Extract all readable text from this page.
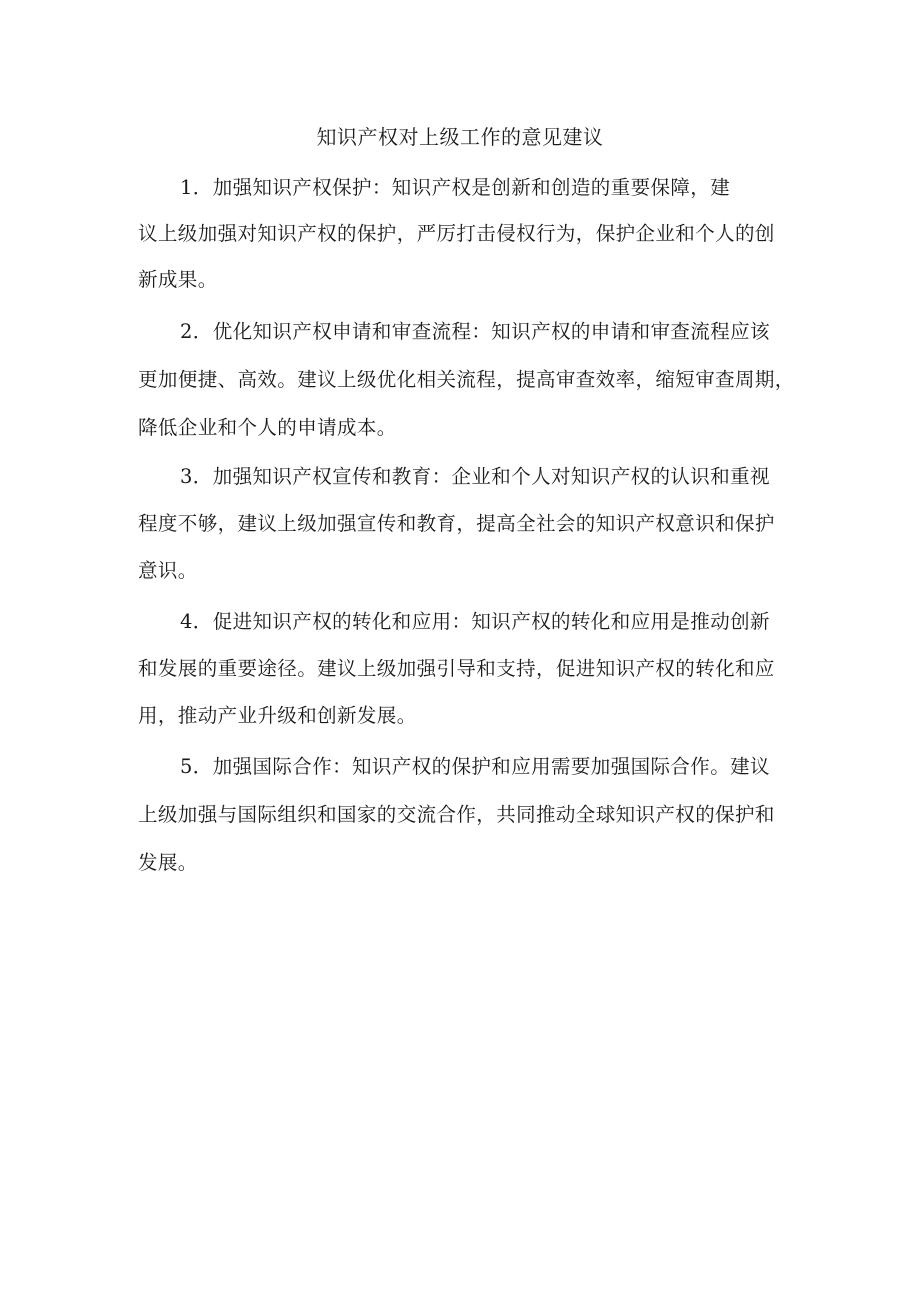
知识产权对上级工作的意见建议
1．加强知识产权保护：知识产权是创新和创造的重要保障，建
议上级加强对知识产权的保护，严厉打击侵权行为，保护企业和个人的创
新成果。
2．优化知识产权申请和审查流程：知识产权的申请和审查流程应该
更加便捷、高效。建议上级优化相关流程，提高审查效率，缩短审查周期，
降低企业和个人的申请成本。
3．加强知识产权宣传和教育：企业和个人对知识产权的认识和重视
程度不够，建议上级加强宣传和教育，提高全社会的知识产权意识和保护
意识。
4．促进知识产权的转化和应用：知识产权的转化和应用是推动创新
和发展的重要途径。建议上级加强引导和支持，促进知识产权的转化和应
用，推动产业升级和创新发展。
5．加强国际合作：知识产权的保护和应用需要加强国际合作。建议
上级加强与国际组织和国家的交流合作，共同推动全球知识产权的保护和
发展。
